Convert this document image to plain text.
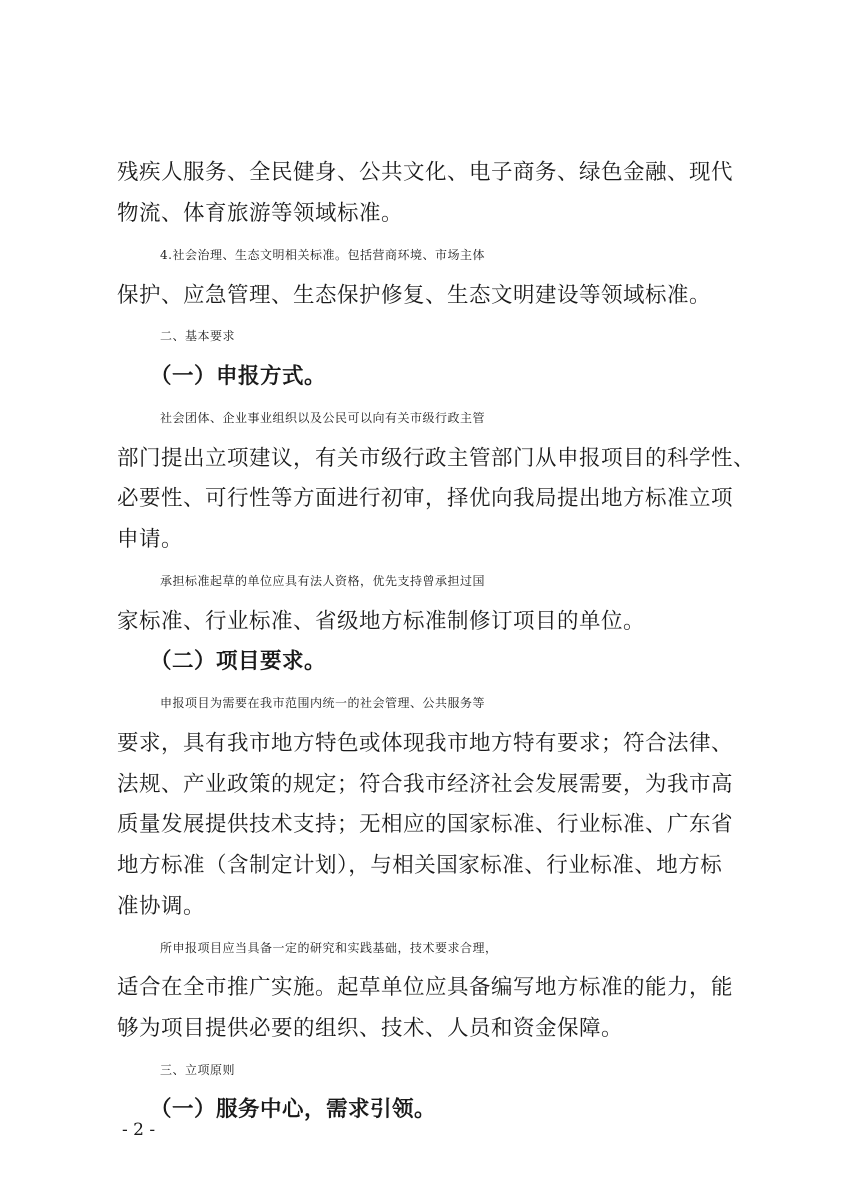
残疾人服务、全民健身、公共文化、电子商务、绿色金融、现代
物流、体育旅游等领域标准。
4.社会治理、生态文明相关标准。包括营商环境、市场主体
保护、应急管理、生态保护修复、生态文明建设等领域标准。
二、基本要求
（一）申报方式。
社会团体、企业事业组织以及公民可以向有关市级行政主管
部门提出立项建议，有关市级行政主管部门从申报项目的科学性、
必要性、可行性等方面进行初审，择优向我局提出地方标准立项
申请。
承担标准起草的单位应具有法人资格，优先支持曾承担过国
家标准、行业标准、省级地方标准制修订项目的单位。
（二）项目要求。
申报项目为需要在我市范围内统一的社会管理、公共服务等
要求，具有我市地方特色或体现我市地方特有要求；符合法律、
法规、产业政策的规定；符合我市经济社会发展需要，为我市高
质量发展提供技术支持；无相应的国家标准、行业标准、广东省
地方标准（含制定计划），与相关国家标准、行业标准、地方标
准协调。
所申报项目应当具备一定的研究和实践基础，技术要求合理，
适合在全市推广实施。起草单位应具备编写地方标准的能力，能
够为项目提供必要的组织、技术、人员和资金保障。
三、立项原则
（一）服务中心，需求引领。
- 2 -
